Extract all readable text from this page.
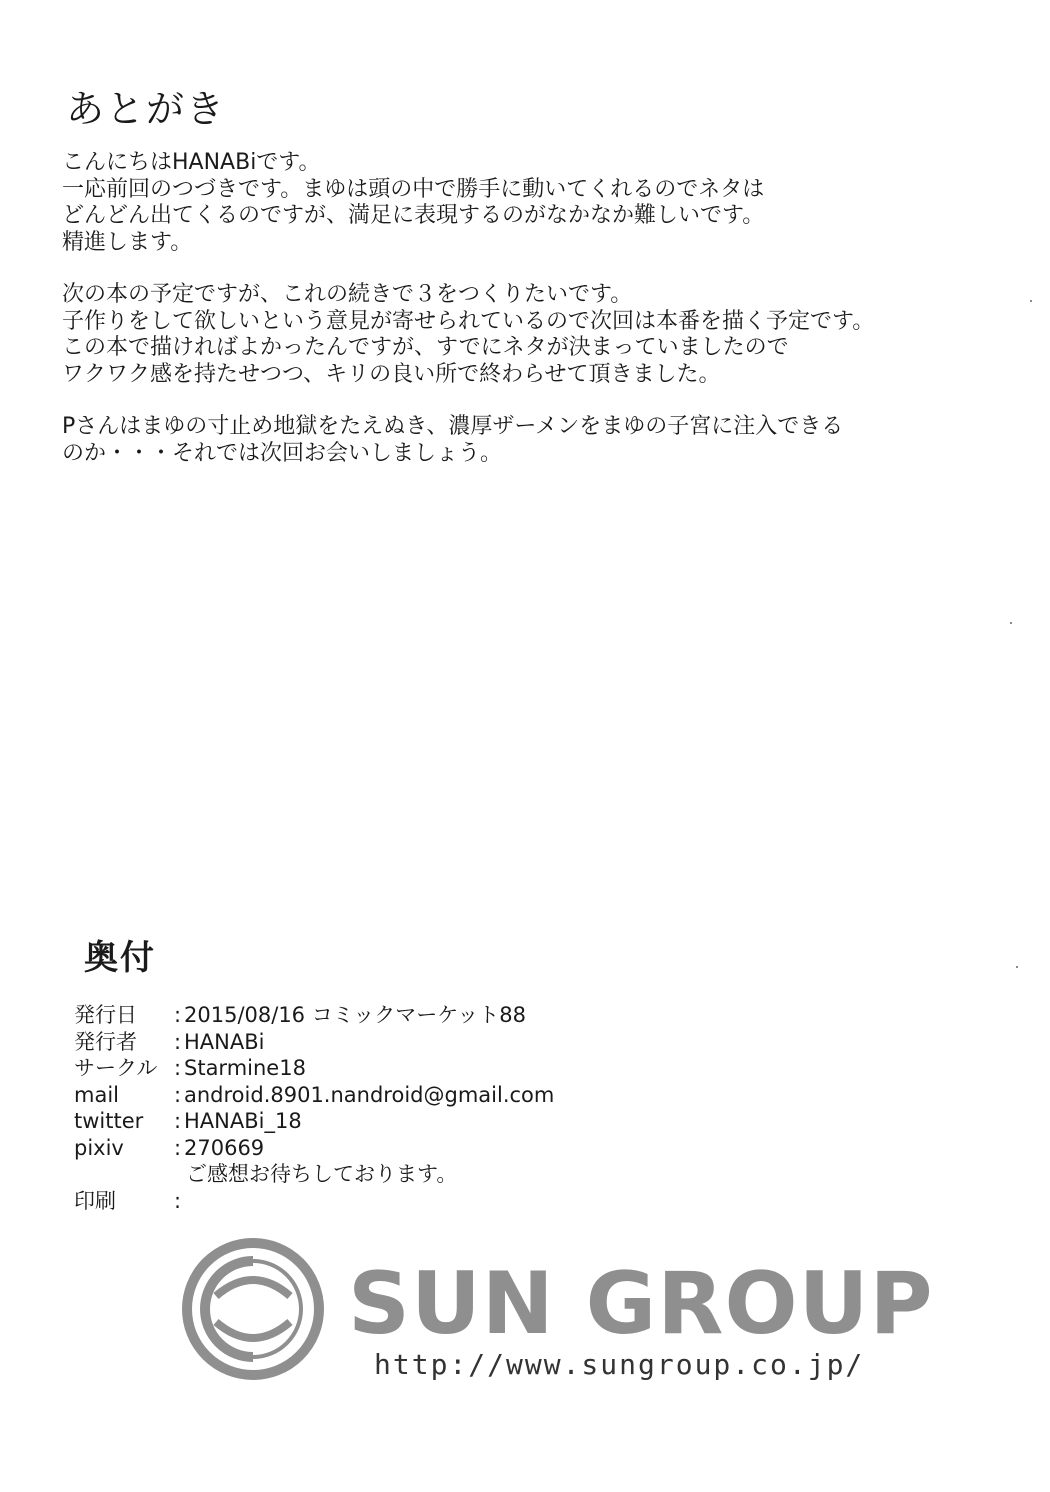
あとがき

こんにちはHANABiです。
一応前回のつづきです。まゆは頭の中で勝手に動いてくれるのでネタは
どんどん出てくるのですが、満足に表現するのがなかなか難しいです。
精進します。

次の本の予定ですが、これの続きで３をつくりたいです。
子作りをして欲しいという意見が寄せられているので次回は本番を描く予定です。
この本で描ければよかったんですが、すでにネタが決まっていましたので
ワクワク感を持たせつつ、キリの良い所で終わらせて頂きました。

Pさんはまゆの寸止め地獄をたえぬき、濃厚ザーメンをまゆの子宮に注入できる
のか・・・それでは次回お会いしましょう。

奥付
発行日	: 2015/08/16 コミックマーケット88
発行者	: HANABi
サークル : Starmine18
mail	: android.8901.nandroid@gmail.com
twitter	: HANABi_18
pixiv	: 270669
ご感想お待ちしております。
印刷	:
SUN GROUP
http://www.sungroup.co.jp/
